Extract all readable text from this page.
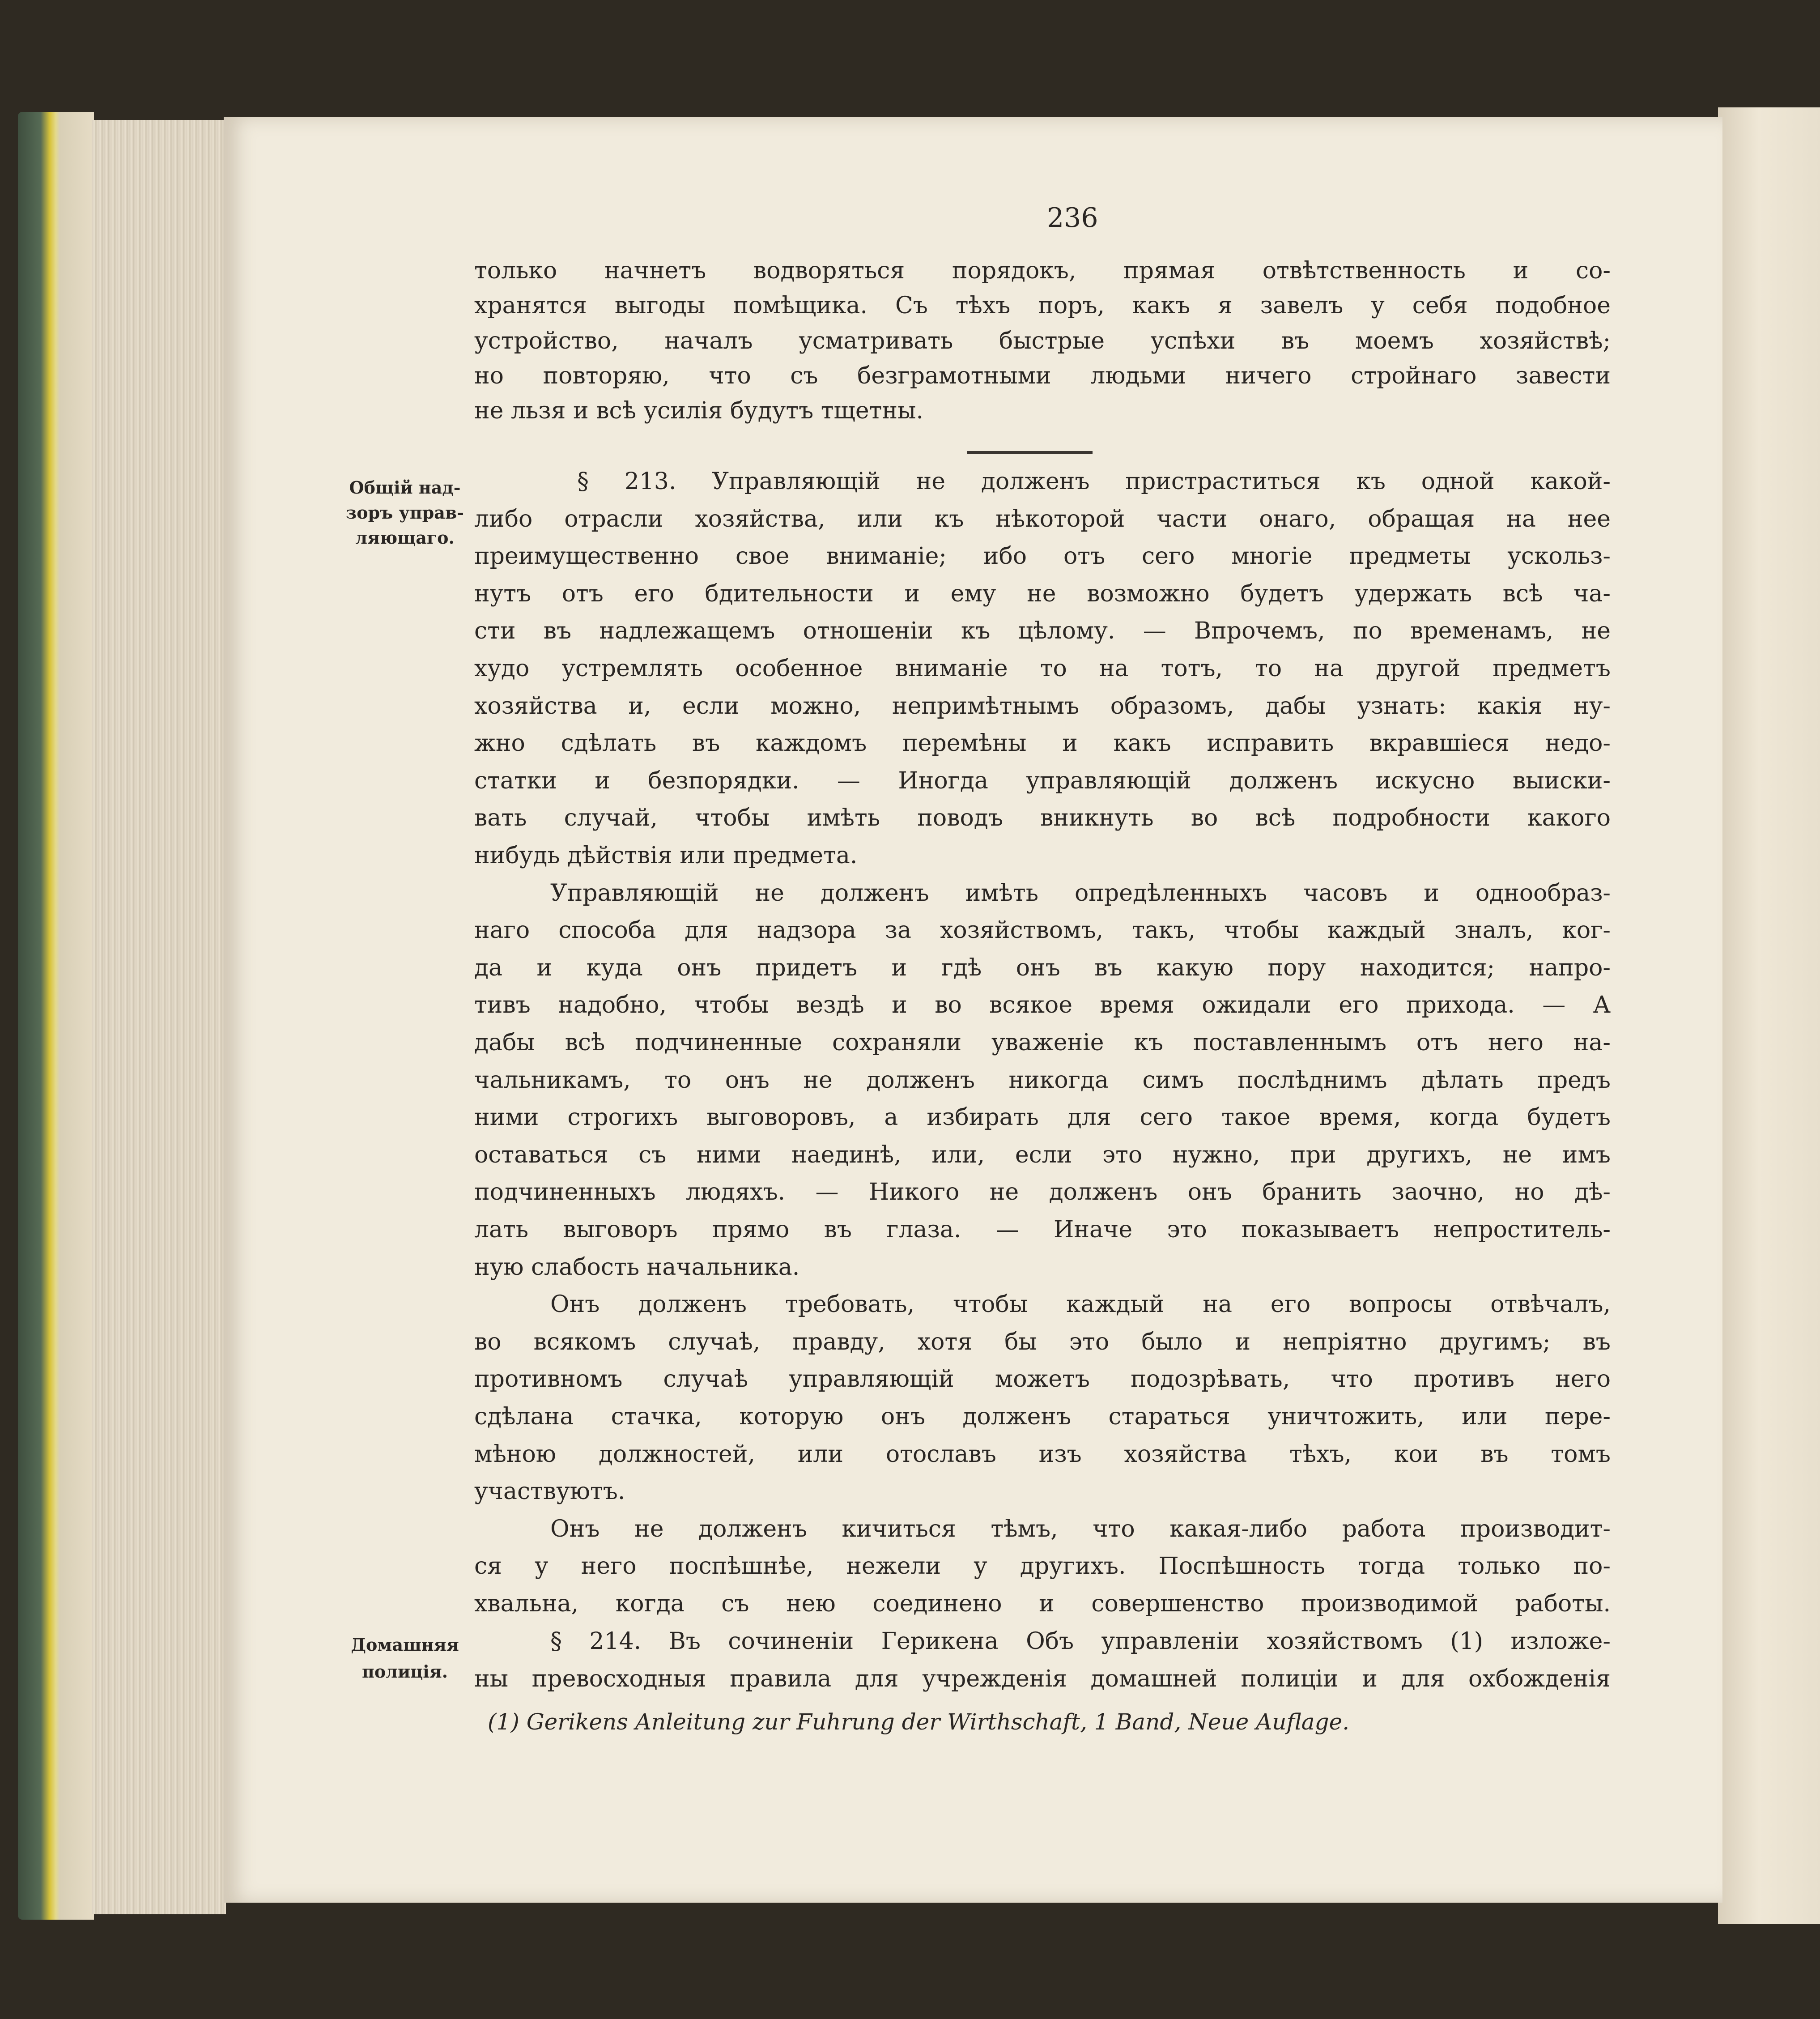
236
только начнетъ водворяться порядокъ, прямая отвѣтственность и со-
хранятся выгоды помѣщика. Съ тѣхъ поръ, какъ я завелъ у себя подобное
устройство, началъ усматривать быстрые успѣхи въ моемъ хозяйствѣ;
но повторяю, что съ безграмотными людьми ничего стройнаго завести
не льзя и всѣ усилія будутъ тщетны.
Общій над-
зоръ управ-
ляющаго.
§ 213. Управляющій не долженъ пристраститься къ одной какой-
либо отрасли хозяйства, или къ нѣкоторой части онаго, обращая на нее
преимущественно свое вниманіе; ибо отъ сего многіе предметы ускольз-
нутъ отъ его бдительности и ему не возможно будетъ удержать всѣ ча-
сти въ надлежащемъ отношеніи къ цѣлому. — Впрочемъ, по временамъ, не
худо устремлять особенное вниманіе то на тотъ, то на другой предметъ
хозяйства и, если можно, непримѣтнымъ образомъ, дабы узнать: какія ну-
жно сдѣлать въ каждомъ перемѣны и какъ исправить вкравшіеся недо-
статки и безпорядки. — Иногда управляющій долженъ искусно выиски-
вать случай, чтобы имѣть поводъ вникнуть во всѣ подробности какого
нибудь дѣйствія или предмета.
Управляющій не долженъ имѣть опредѣленныхъ часовъ и однообраз-
наго способа для надзора за хозяйствомъ, такъ, чтобы каждый зналъ, ког-
да и куда онъ придетъ и гдѣ онъ въ какую пору находится; напро-
тивъ надобно, чтобы вездѣ и во всякое время ожидали его прихода. — А
дабы всѣ подчиненные сохраняли уваженіе къ поставленнымъ отъ него на-
чальникамъ, то онъ не долженъ никогда симъ послѣднимъ дѣлать предъ
ними строгихъ выговоровъ, а избирать для сего такое время, когда будетъ
оставаться съ ними наединѣ, или, если это нужно, при другихъ, не имъ
подчиненныхъ людяхъ. — Никого не долженъ онъ бранить заочно, но дѣ-
лать выговоръ прямо въ глаза. — Иначе это показываетъ непроститель-
ную слабость начальника.
Онъ долженъ требовать, чтобы каждый на его вопросы отвѣчалъ,
во всякомъ случаѣ, правду, хотя бы это было и непріятно другимъ; въ
противномъ случаѣ управляющій можетъ подозрѣвать, что противъ него
сдѣлана стачка, которую онъ долженъ стараться уничтожить, или пере-
мѣною должностей, или отославъ изъ хозяйства тѣхъ, кои въ томъ
участвуютъ.
Онъ не долженъ кичиться тѣмъ, что какая-либо работа производит-
ся у него поспѣшнѣе, нежели у другихъ. Поспѣшность тогда только по-
хвальна, когда съ нею соединено и совершенство производимой работы.
Домашняя
полиція.
§ 214. Въ сочиненіи Герикена Объ управленіи хозяйствомъ (1) изложе-
ны превосходныя правила для учрежденія домашней полиціи и для охбожденія
(1) Gerikens Anleitung zur Fuhrung der Wirthschaft, 1 Band, Neue Auflage.
